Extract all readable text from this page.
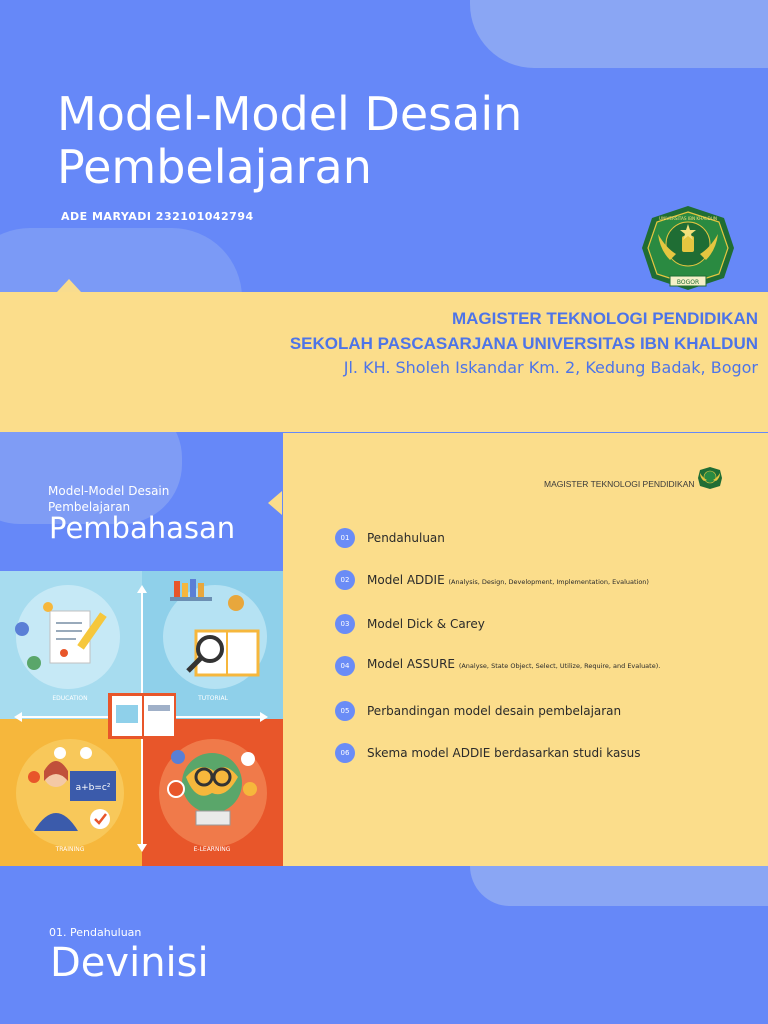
Model-Model Desain Pembelajaran
ADE MARYADI 232101042794
BOGOR
UNIVERSITAS IBN KHALDUN

MAGISTER TEKNOLOGI PENDIDIKAN

SEKOLAH PASCASARJANA UNIVERSITAS IBN KHALDUN

Jl. KH. Sholeh Iskandar Km. 2, Kedung Badak, Bogor

Model-Model Desain Pembelajaran
Pembahasan
MAGISTER TEKNOLOGI PENDIDIKAN
01	Pendahuluan
02	Model ADDIE (Analysis, Design, Development, Implementation, Evaluation)
03	Model Dick & Carey
04	Model ASSURE (Analyse, State Object, Select, Utilize, Require, and Evaluate).
05	Perbandingan model desain pembelajaran
06	Skema model ADDIE berdasarkan studi kasus
EDUCATION	TUTORIAL
a+b=c²
TRAINING	E-LEARNING
01. Pendahuluan
Devinisi
